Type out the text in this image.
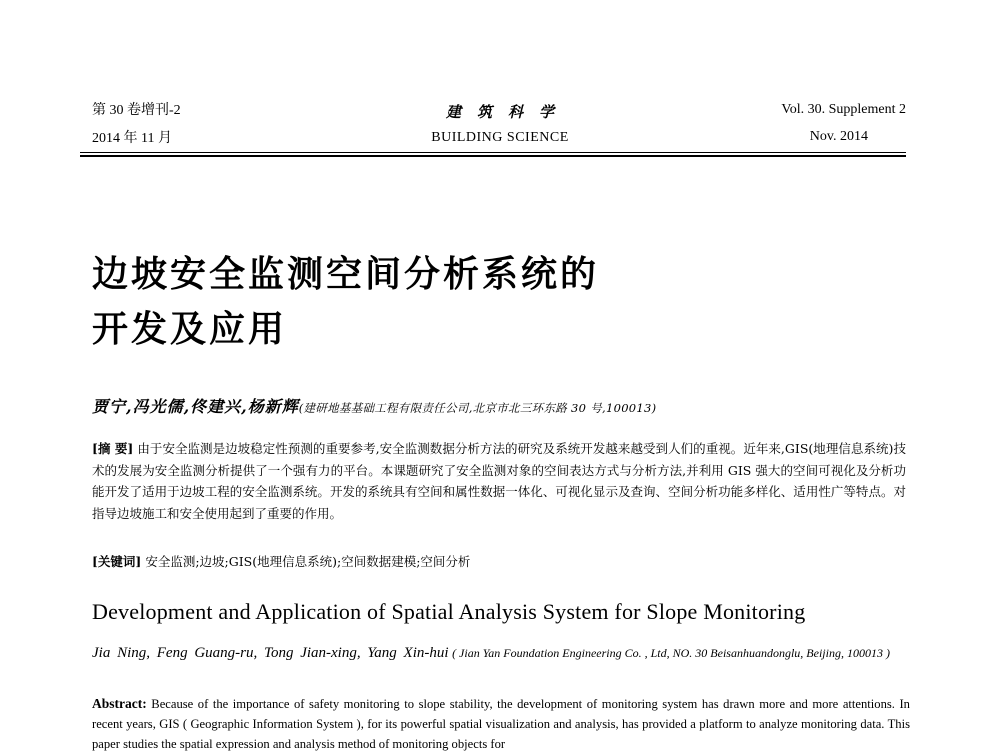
第 30 卷增刊-2
2014 年 11 月
建筑科学
BUILDING SCIENCE
Vol. 30. Supplement 2
Nov. 2014
边坡安全监测空间分析系统的
开发及应用
贾宁,冯光儒,佟建兴,杨新辉(建研地基基础工程有限责任公司,北京市北三环东路 30 号,100013)
[摘 要] 由于安全监测是边坡稳定性预测的重要参考,安全监测数据分析方法的研究及系统开发越来越受到人们的重视。近年来,GIS(地理信息系统)技术的发展为安全监测分析提供了一个强有力的平台。本课题研究了安全监测对象的空间表达方式与分析方法,并利用 GIS 强大的空间可视化及分析功能开发了适用于边坡工程的安全监测系统。开发的系统具有空间和属性数据一体化、可视化显示及查询、空间分析功能多样化、适用性广等特点。对指导边坡施工和安全使用起到了重要的作用。
[关键词] 安全监测;边坡;GIS(地理信息系统);空间数据建模;空间分析
Development and Application of Spatial Analysis System for Slope Monitoring
Jia Ning, Feng Guang-ru, Tong Jian-xing, Yang Xin-hui ( Jian Yan Foundation Engineering Co. , Ltd, NO. 30 Beisanhuandonglu, Beijing, 100013 )
Abstract: Because of the importance of safety monitoring to slope stability, the development of monitoring system has drawn more and more attentions. In recent years, GIS ( Geographic Information System ), for its powerful spatial visualization and analysis, has provided a platform to analyze monitoring data. This paper studies the spatial expression and analysis method of monitoring objects for
